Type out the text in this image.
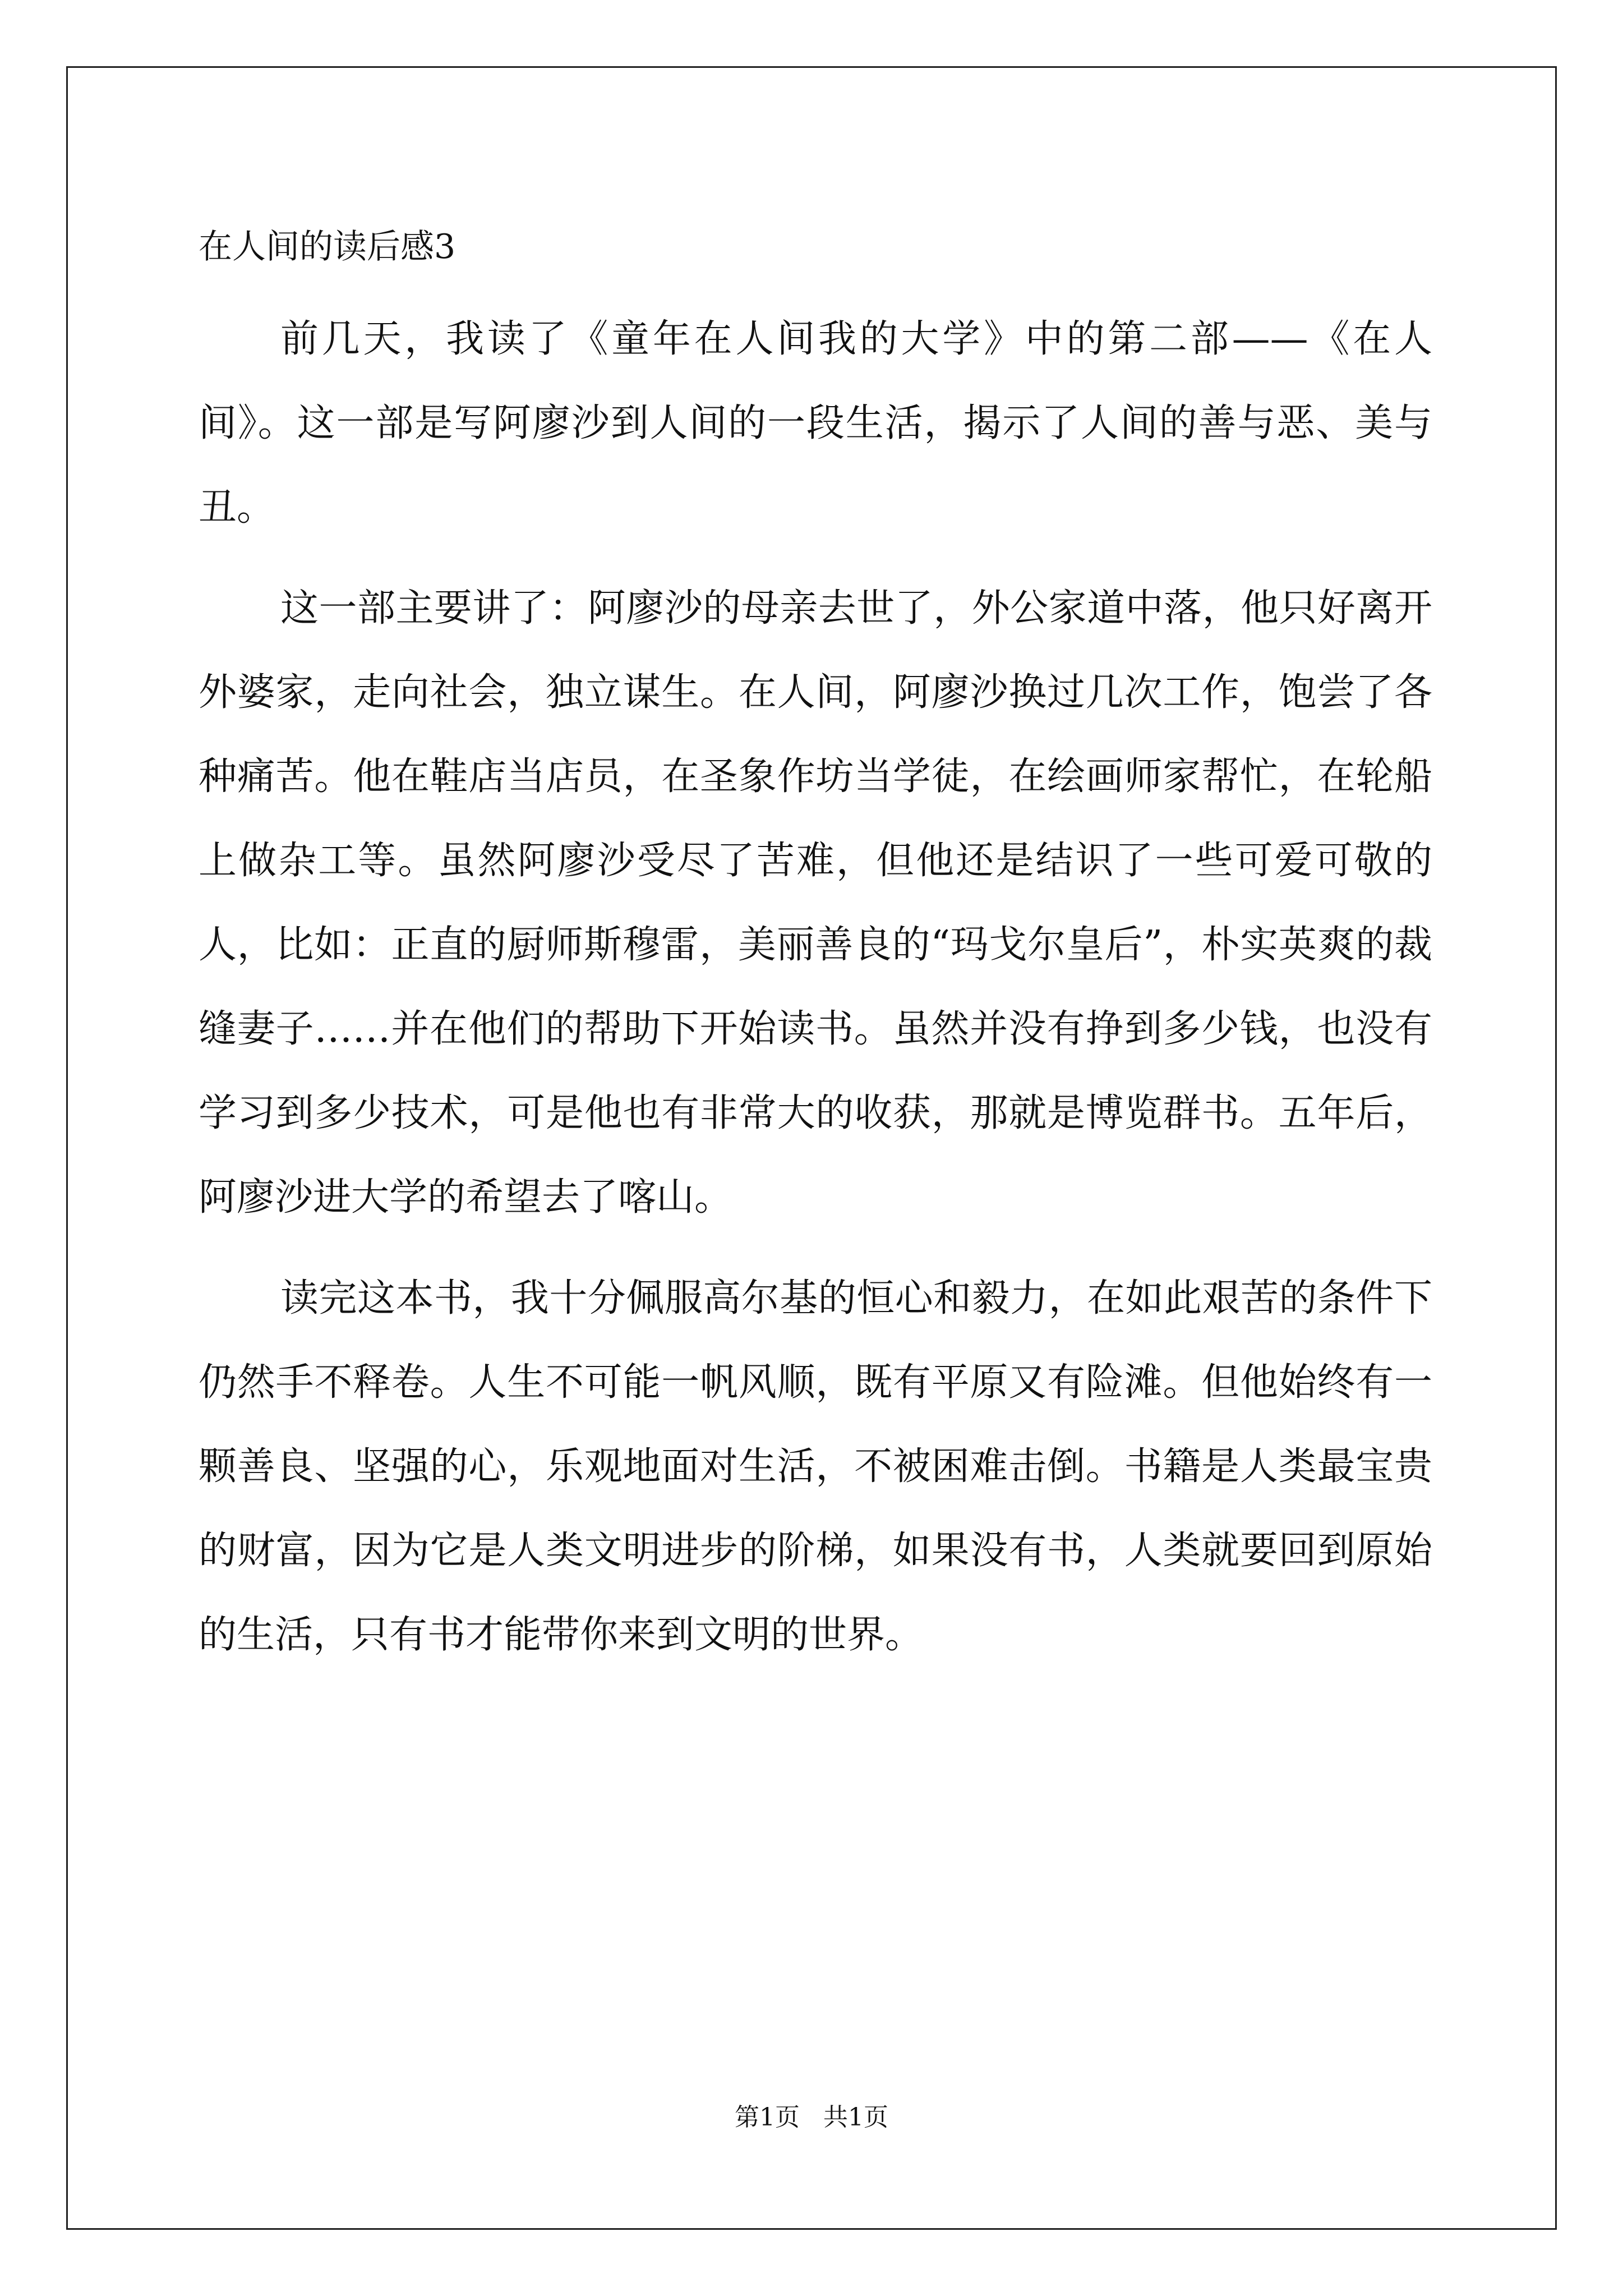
在人间的读后感3

前几天，我读了《童年在人间我的大学》中的第二部——《在人间》。这一部是写阿廖沙到人间的一段生活，揭示了人间的善与恶、美与丑。

这一部主要讲了：阿廖沙的母亲去世了，外公家道中落，他只好离开外婆家，走向社会，独立谋生。在人间，阿廖沙换过几次工作，饱尝了各种痛苦。他在鞋店当店员，在圣象作坊当学徒，在绘画师家帮忙，在轮船上做杂工等。虽然阿廖沙受尽了苦难，但他还是结识了一些可爱可敬的人，比如：正直的厨师斯穆雷，美丽善良的“玛戈尔皇后”，朴实英爽的裁缝妻子……并在他们的帮助下开始读书。虽然并没有挣到多少钱，也没有学习到多少技术，可是他也有非常大的收获，那就是博览群书。五年后，阿廖沙进大学的希望去了喀山。

读完这本书，我十分佩服高尔基的恒心和毅力，在如此艰苦的条件下仍然手不释卷。人生不可能一帆风顺，既有平原又有险滩。但他始终有一颗善良、坚强的心，乐观地面对生活，不被困难击倒。书籍是人类最宝贵的财富，因为它是人类文明进步的阶梯，如果没有书，人类就要回到原始的生活，只有书才能带你来到文明的世界。

第1页   共1页
